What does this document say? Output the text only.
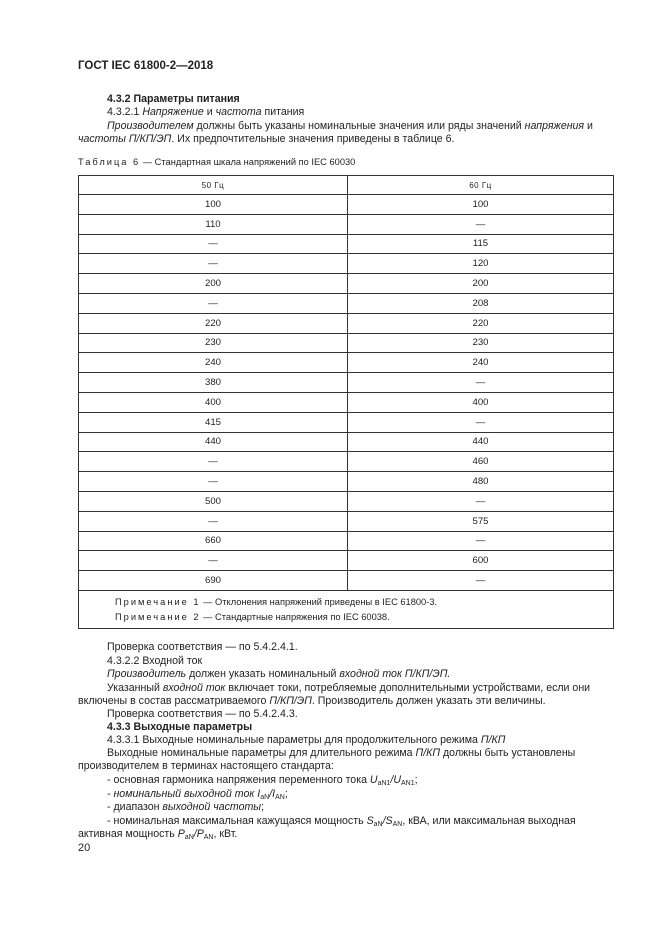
ГОСТ IEC 61800-2—2018
4.3.2 Параметры питания
4.3.2.1 Напряжение и частота питания
Производителем должны быть указаны номинальные значения или ряды значений напряжения и
частоты П/КП/ЭП. Их предпочтительные значения приведены в таблице 6.
Таблица 6 — Стандартная шкала напряжений по IEC 60030
50 Гц	60 Гц
100	100
110	—
—	115
—	120
200	200
—	208
220	220
230	230
240	240
380	—
400	400
415	—
440	440
—	460
—	480
500	—
—	575
660	—
—	600
690	—
Примечание 1 — Отклонения напряжений приведены в IEC 61800-3.	
Примечание 2 — Стандартные напряжения по IEC 60038.	
Проверка соответствия — по 5.4.2.4.1.
4.3.2.2 Входной ток
Производитель должен указать номинальный входной ток П/КП/ЭП.
Указанный входной ток включает токи, потребляемые дополнительными устройствами, если они
включены в состав рассматриваемого П/КП/ЭП. Производитель должен указать эти величины.
Проверка соответствия — по 5.4.2.4.3.
4.3.3 Выходные параметры
4.3.3.1 Выходные номинальные параметры для продолжительного режима П/КП
Выходные номинальные параметры для длительного режима П/КП должны быть установлены
производителем в терминах настоящего стандарта:
- основная гармоника напряжения переменного тока $U_{aN1}/U_{AN1}$;
- номинальный выходной ток $I_{aN}/I_{AN}$;
- диапазон выходной частоты;
- номинальная максимальная кажущаяся мощность $S_{aN}/S_{AN}$, кВА, или максимальная выходная
активная мощность $P_{aN}/P_{AN}$, кВт.
20
